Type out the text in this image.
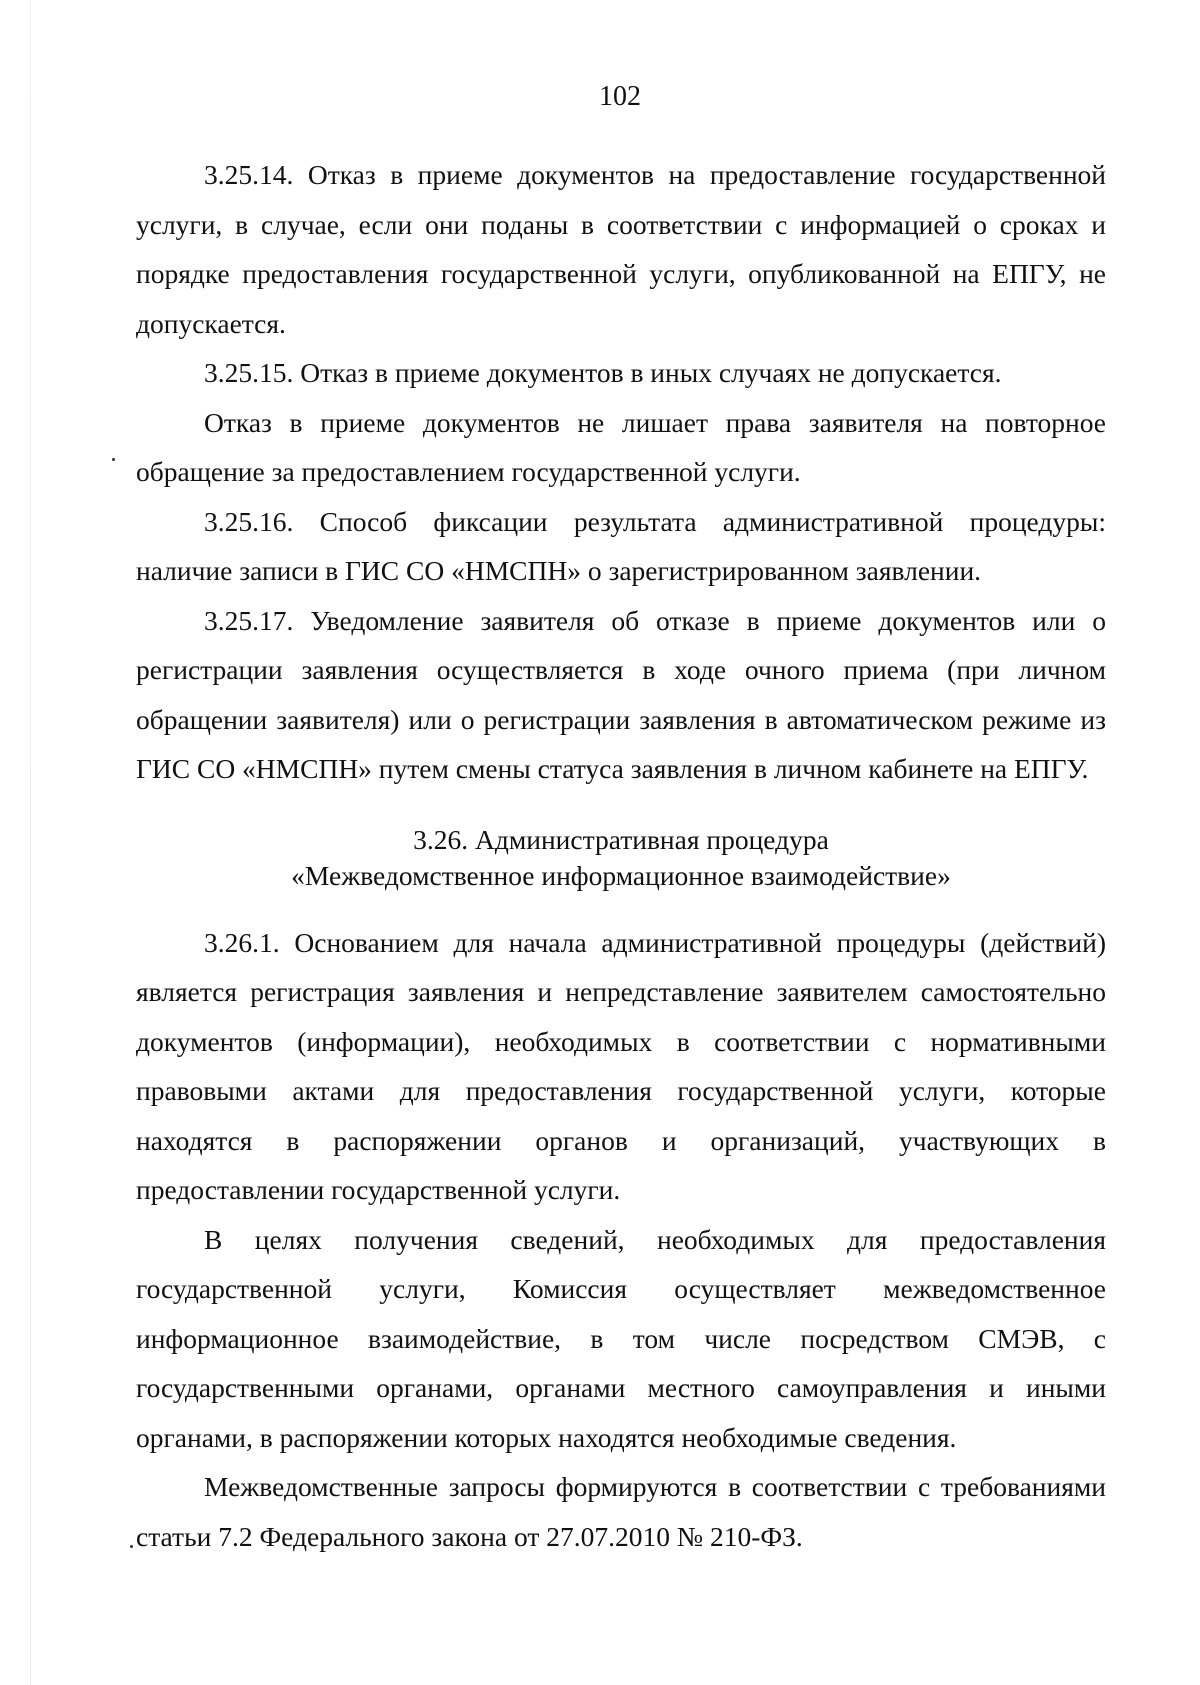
102

3.25.14. Отказ в приеме документов на предоставление государственной услуги, в случае, если они поданы в соответствии с информацией о сроках и порядке предоставления государственной услуги, опубликованной на ЕПГУ, не допускается.

3.25.15. Отказ в приеме документов в иных случаях не допускается.

Отказ в приеме документов не лишает права заявителя на повторное обращение за предоставлением государственной услуги.

3.25.16. Способ фиксации результата административной процедуры: наличие записи в ГИС СО «НМСПН» о зарегистрированном заявлении.

3.25.17. Уведомление заявителя об отказе в приеме документов или о регистрации заявления осуществляется в ходе очного приема (при личном обращении заявителя) или о регистрации заявления в автоматическом режиме из ГИС СО «НМСПН» путем смены статуса заявления в личном кабинете на ЕПГУ.

3.26. Административная процедура
«Межведомственное информационное взаимодействие»

3.26.1. Основанием для начала административной процедуры (действий) является регистрация заявления и непредставление заявителем самостоятельно документов (информации), необходимых в соответствии с нормативными правовыми актами для предоставления государственной услуги, которые находятся в распоряжении органов и организаций, участвующих в предоставлении государственной услуги.

В целях получения сведений, необходимых для предоставления государственной услуги, Комиссия осуществляет межведомственное информационное взаимодействие, в том числе посредством СМЭВ, с государственными органами, органами местного самоуправления и иными органами, в распоряжении которых находятся необходимые сведения.

Межведомственные запросы формируются в соответствии с требованиями статьи 7.2 Федерального закона от 27.07.2010 № 210-ФЗ.
